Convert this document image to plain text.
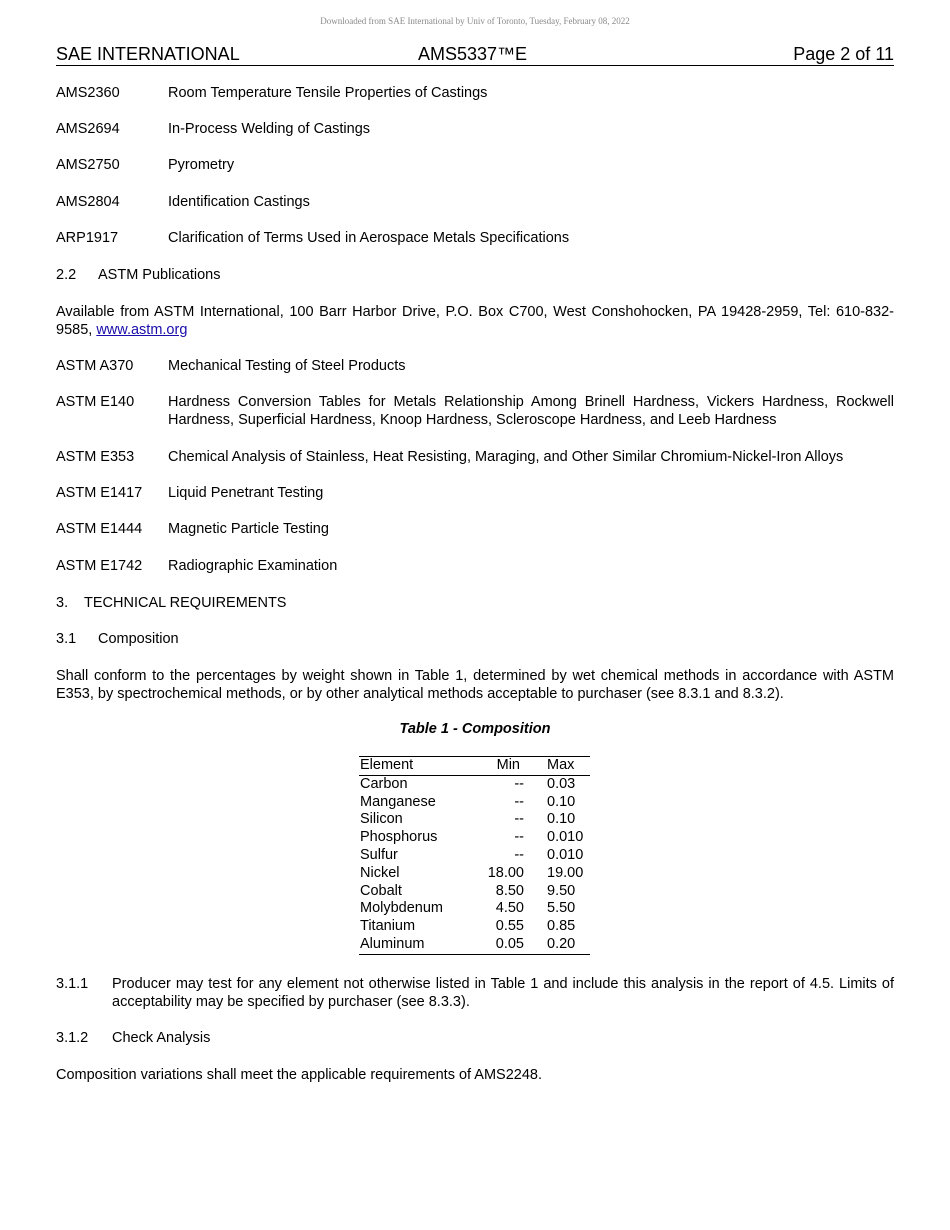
Downloaded from SAE International by Univ of Toronto, Tuesday, February 08, 2022
SAE INTERNATIONAL	AMS5337™E	Page 2 of 11
AMS2360	Room Temperature Tensile Properties of Castings
AMS2694	In-Process Welding of Castings
AMS2750	Pyrometry
AMS2804	Identification Castings
ARP1917	Clarification of Terms Used in Aerospace Metals Specifications
2.2 ASTM Publications
Available from ASTM International, 100 Barr Harbor Drive, P.O. Box C700, West Conshohocken, PA 19428-2959, Tel: 610-832-9585, www.astm.org
ASTM A370 Mechanical Testing of Steel Products
ASTM E140 Hardness Conversion Tables for Metals Relationship Among Brinell Hardness, Vickers Hardness, Rockwell Hardness, Superficial Hardness, Knoop Hardness, Scleroscope Hardness, and Leeb Hardness
ASTM E353 Chemical Analysis of Stainless, Heat Resisting, Maraging, and Other Similar Chromium-Nickel-Iron Alloys
ASTM E1417 Liquid Penetrant Testing
ASTM E1444 Magnetic Particle Testing
ASTM E1742 Radiographic Examination
3. TECHNICAL REQUIREMENTS
3.1 Composition
Shall conform to the percentages by weight shown in Table 1, determined by wet chemical methods in accordance with ASTM E353, by spectrochemical methods, or by other analytical methods acceptable to purchaser (see 8.3.1 and 8.3.2).
Table 1 - Composition
Element	Min	Max
Carbon	--	0.03
Manganese	--	0.10
Silicon	--	0.10
Phosphorus	--	0.010
Sulfur	--	0.010
Nickel	18.00	19.00
Cobalt	8.50	9.50
Molybdenum	4.50	5.50
Titanium	0.55	0.85
Aluminum	0.05	0.20
3.1.1 Producer may test for any element not otherwise listed in Table 1 and include this analysis in the report of 4.5. Limits of acceptability may be specified by purchaser (see 8.3.3).
3.1.2 Check Analysis
Composition variations shall meet the applicable requirements of AMS2248.
